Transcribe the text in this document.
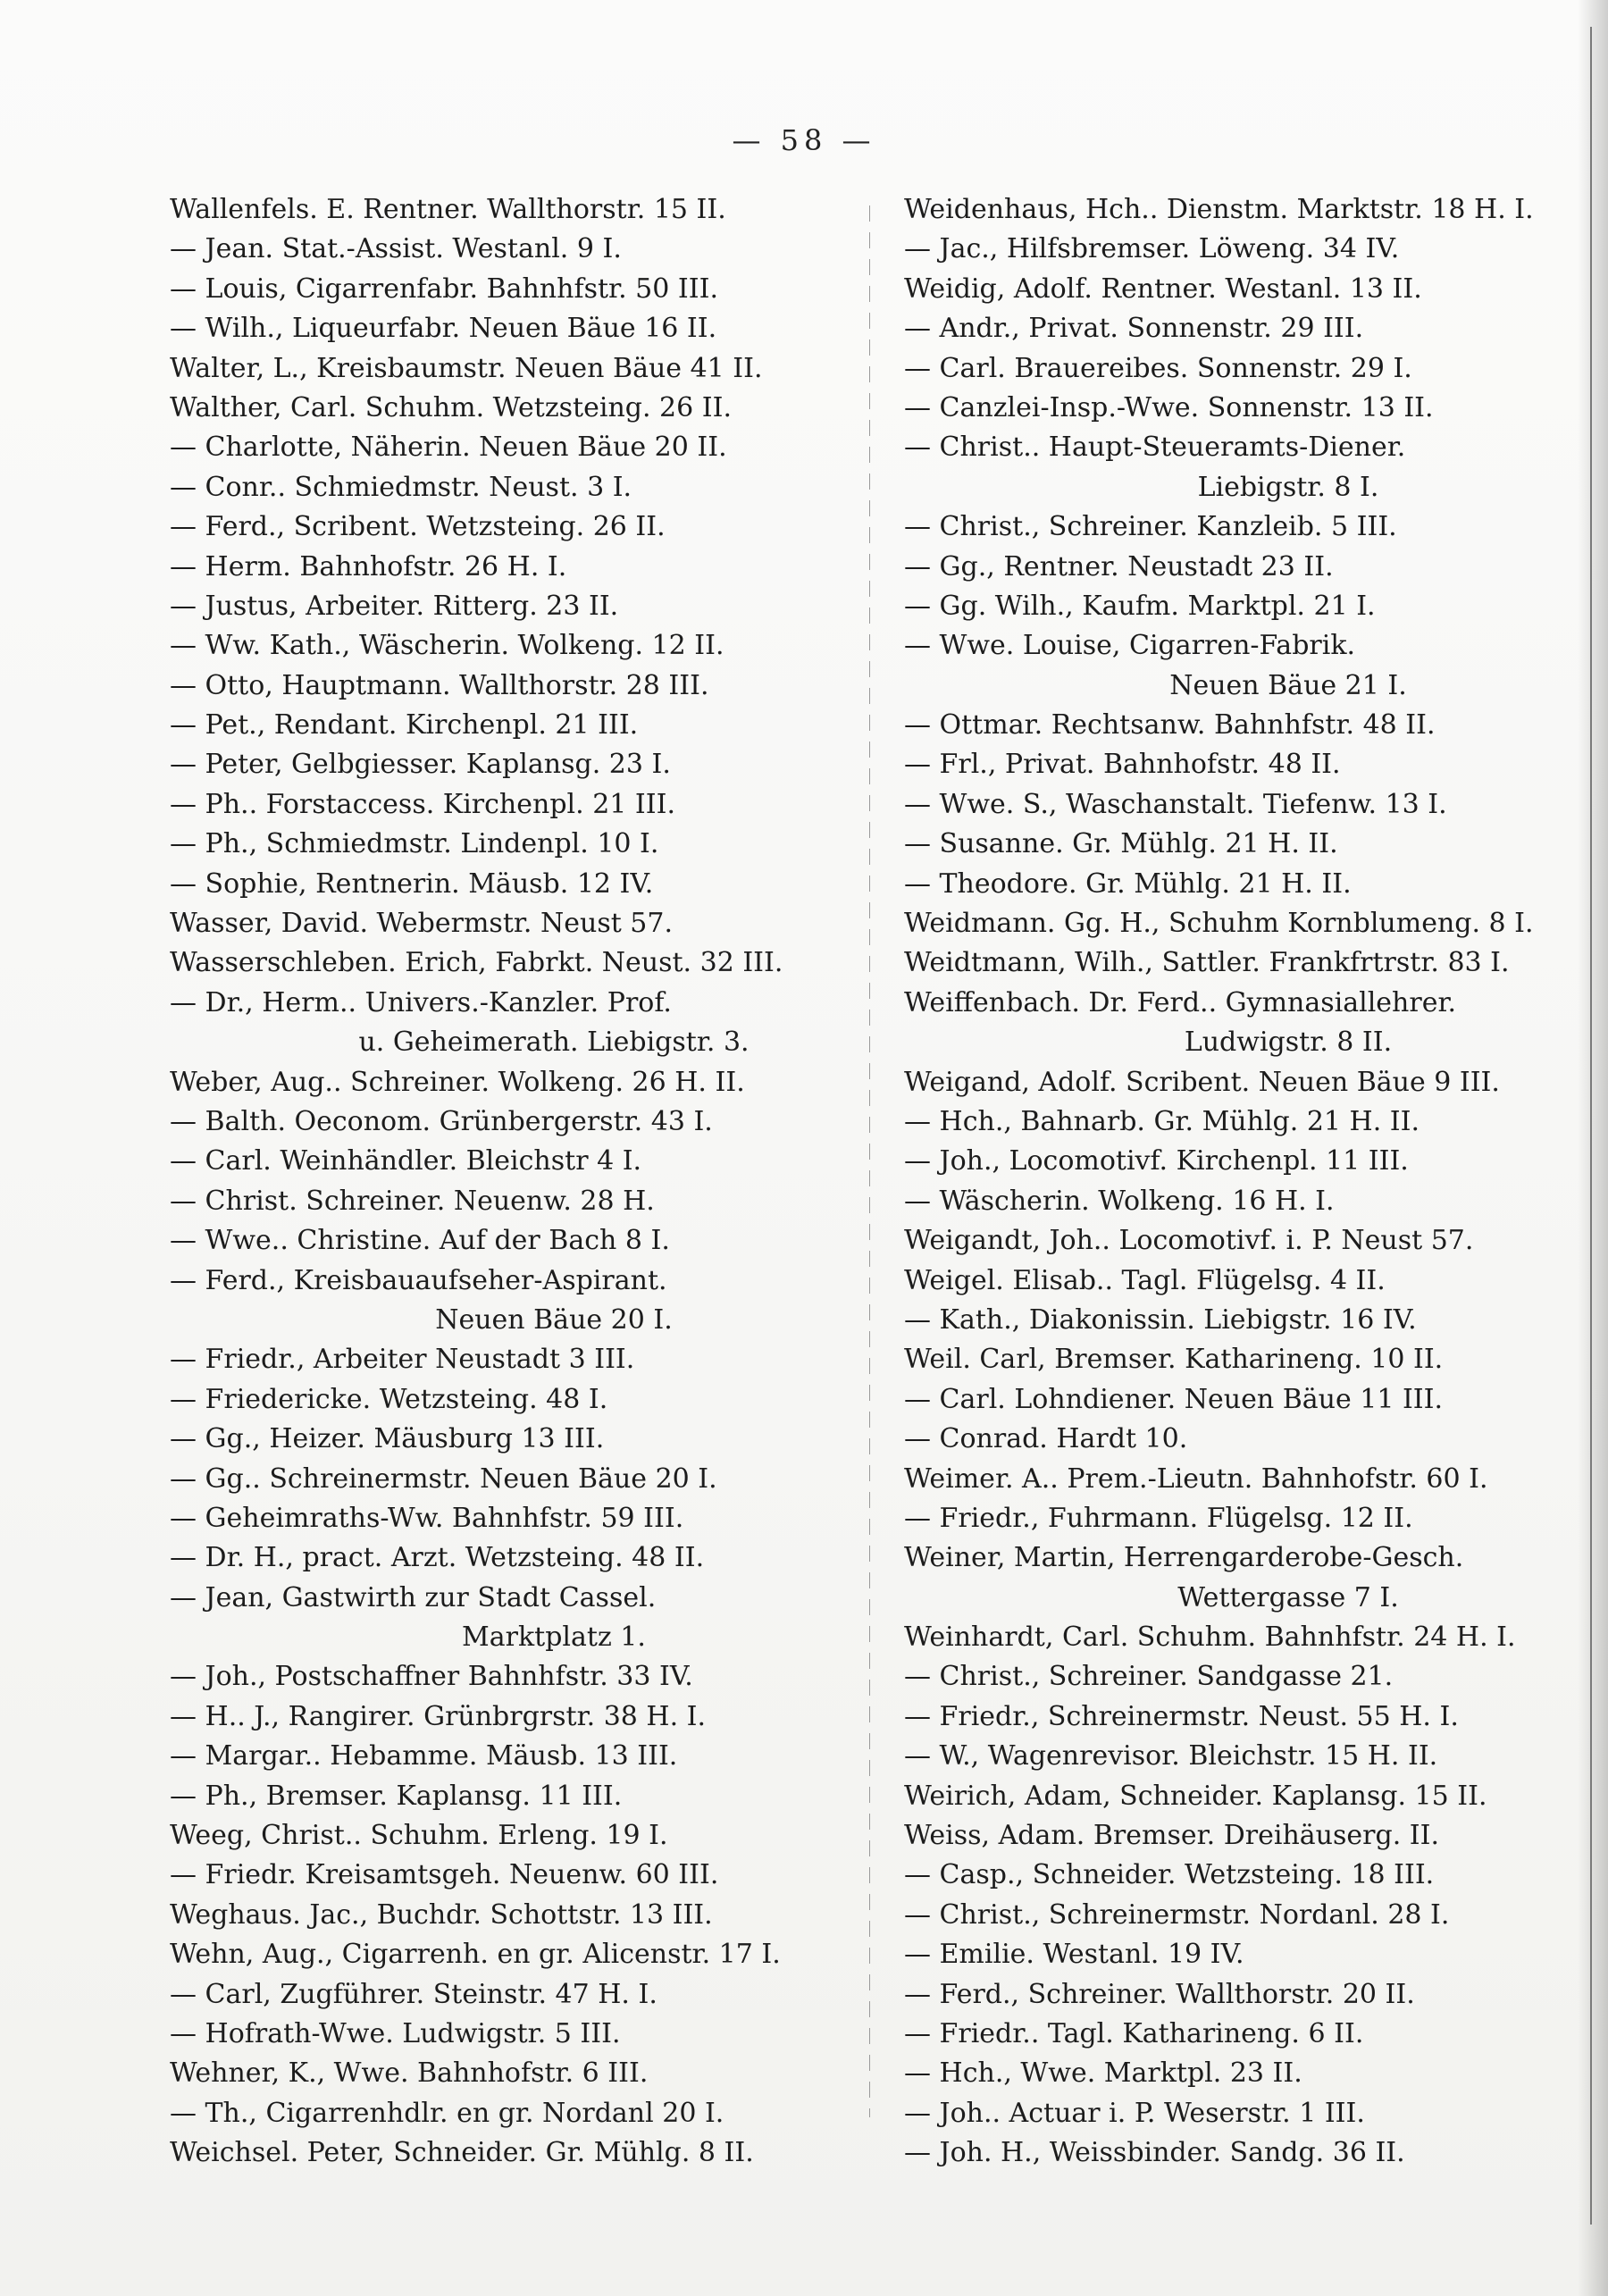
— 58 —
Wallenfels. E. Rentner. Wallthorstr. 15 II.
— Jean. Stat.-Assist. Westanl. 9 I.
— Louis, Cigarrenfabr. Bahnhfstr. 50 III.
— Wilh., Liqueurfabr. Neuen Bäue 16 II.
Walter, L., Kreisbaumstr. Neuen Bäue 41 II.
Walther, Carl. Schuhm. Wetzsteing. 26 II.
— Charlotte, Näherin. Neuen Bäue 20 II.
— Conr.. Schmiedmstr. Neust. 3 I.
— Ferd., Scribent. Wetzsteing. 26 II.
— Herm. Bahnhofstr. 26 H. I.
— Justus, Arbeiter. Ritterg. 23 II.
— Ww. Kath., Wäscherin. Wolkeng. 12 II.
— Otto, Hauptmann. Wallthorstr. 28 III.
— Pet., Rendant. Kirchenpl. 21 III.
— Peter, Gelbgiesser. Kaplansg. 23 I.
— Ph.. Forstaccess. Kirchenpl. 21 III.
— Ph., Schmiedmstr. Lindenpl. 10 I.
— Sophie, Rentnerin. Mäusb. 12 IV.
Wasser, David. Webermstr. Neust 57.
Wasserschleben. Erich, Fabrkt. Neust. 32 III.
— Dr., Herm.. Univers.-Kanzler. Prof.
u. Geheimerath. Liebigstr. 3.
Weber, Aug.. Schreiner. Wolkeng. 26 H. II.
— Balth. Oeconom. Grünbergerstr. 43 I.
— Carl. Weinhändler. Bleichstr 4 I.
— Christ. Schreiner. Neuenw. 28 H.
— Wwe.. Christine. Auf der Bach 8 I.
— Ferd., Kreisbauaufseher-Aspirant.
Neuen Bäue 20 I.
— Friedr., Arbeiter Neustadt 3 III.
— Friedericke. Wetzsteing. 48 I.
— Gg., Heizer. Mäusburg 13 III.
— Gg.. Schreinermstr. Neuen Bäue 20 I.
— Geheimraths-Ww. Bahnhfstr. 59 III.
— Dr. H., pract. Arzt. Wetzsteing. 48 II.
— Jean, Gastwirth zur Stadt Cassel.
Marktplatz 1.
— Joh., Postschaffner Bahnhfstr. 33 IV.
— H.. J., Rangirer. Grünbrgrstr. 38 H. I.
— Margar.. Hebamme. Mäusb. 13 III.
— Ph., Bremser. Kaplansg. 11 III.
Weeg, Christ.. Schuhm. Erleng. 19 I.
— Friedr. Kreisamtsgeh. Neuenw. 60 III.
Weghaus. Jac., Buchdr. Schottstr. 13 III.
Wehn, Aug., Cigarrenh. en gr. Alicenstr. 17 I.
— Carl, Zugführer. Steinstr. 47 H. I.
— Hofrath-Wwe. Ludwigstr. 5 III.
Wehner, K., Wwe. Bahnhofstr. 6 III.
— Th., Cigarrenhdlr. en gr. Nordanl 20 I.
Weichsel. Peter, Schneider. Gr. Mühlg. 8 II.
Weidenhaus, Hch.. Dienstm. Marktstr. 18 H. I.
— Jac., Hilfsbremser. Löweng. 34 IV.
Weidig, Adolf. Rentner. Westanl. 13 II.
— Andr., Privat. Sonnenstr. 29 III.
— Carl. Brauereibes. Sonnenstr. 29 I.
— Canzlei-Insp.-Wwe. Sonnenstr. 13 II.
— Christ.. Haupt-Steueramts-Diener.
Liebigstr. 8 I.
— Christ., Schreiner. Kanzleib. 5 III.
— Gg., Rentner. Neustadt 23 II.
— Gg. Wilh., Kaufm. Marktpl. 21 I.
— Wwe. Louise, Cigarren-Fabrik.
Neuen Bäue 21 I.
— Ottmar. Rechtsanw. Bahnhfstr. 48 II.
— Frl., Privat. Bahnhofstr. 48 II.
— Wwe. S., Waschanstalt. Tiefenw. 13 I.
— Susanne. Gr. Mühlg. 21 H. II.
— Theodore. Gr. Mühlg. 21 H. II.
Weidmann. Gg. H., Schuhm Kornblumeng. 8 I.
Weidtmann, Wilh., Sattler. Frankfrtrstr. 83 I.
Weiffenbach. Dr. Ferd.. Gymnasiallehrer.
Ludwigstr. 8 II.
Weigand, Adolf. Scribent. Neuen Bäue 9 III.
— Hch., Bahnarb. Gr. Mühlg. 21 H. II.
— Joh., Locomotivf. Kirchenpl. 11 III.
— Wäscherin. Wolkeng. 16 H. I.
Weigandt, Joh.. Locomotivf. i. P. Neust 57.
Weigel. Elisab.. Tagl. Flügelsg. 4 II.
— Kath., Diakonissin. Liebigstr. 16 IV.
Weil. Carl, Bremser. Katharineng. 10 II.
— Carl. Lohndiener. Neuen Bäue 11 III.
— Conrad. Hardt 10.
Weimer. A.. Prem.-Lieutn. Bahnhofstr. 60 I.
— Friedr., Fuhrmann. Flügelsg. 12 II.
Weiner, Martin, Herrengarderobe-Gesch.
Wettergasse 7 I.
Weinhardt, Carl. Schuhm. Bahnhfstr. 24 H. I.
— Christ., Schreiner. Sandgasse 21.
— Friedr., Schreinermstr. Neust. 55 H. I.
— W., Wagenrevisor. Bleichstr. 15 H. II.
Weirich, Adam, Schneider. Kaplansg. 15 II.
Weiss, Adam. Bremser. Dreihäuserg. II.
— Casp., Schneider. Wetzsteing. 18 III.
— Christ., Schreinermstr. Nordanl. 28 I.
— Emilie. Westanl. 19 IV.
— Ferd., Schreiner. Wallthorstr. 20 II.
— Friedr.. Tagl. Katharineng. 6 II.
— Hch., Wwe. Marktpl. 23 II.
— Joh.. Actuar i. P. Weserstr. 1 III.
— Joh. H., Weissbinder. Sandg. 36 II.
